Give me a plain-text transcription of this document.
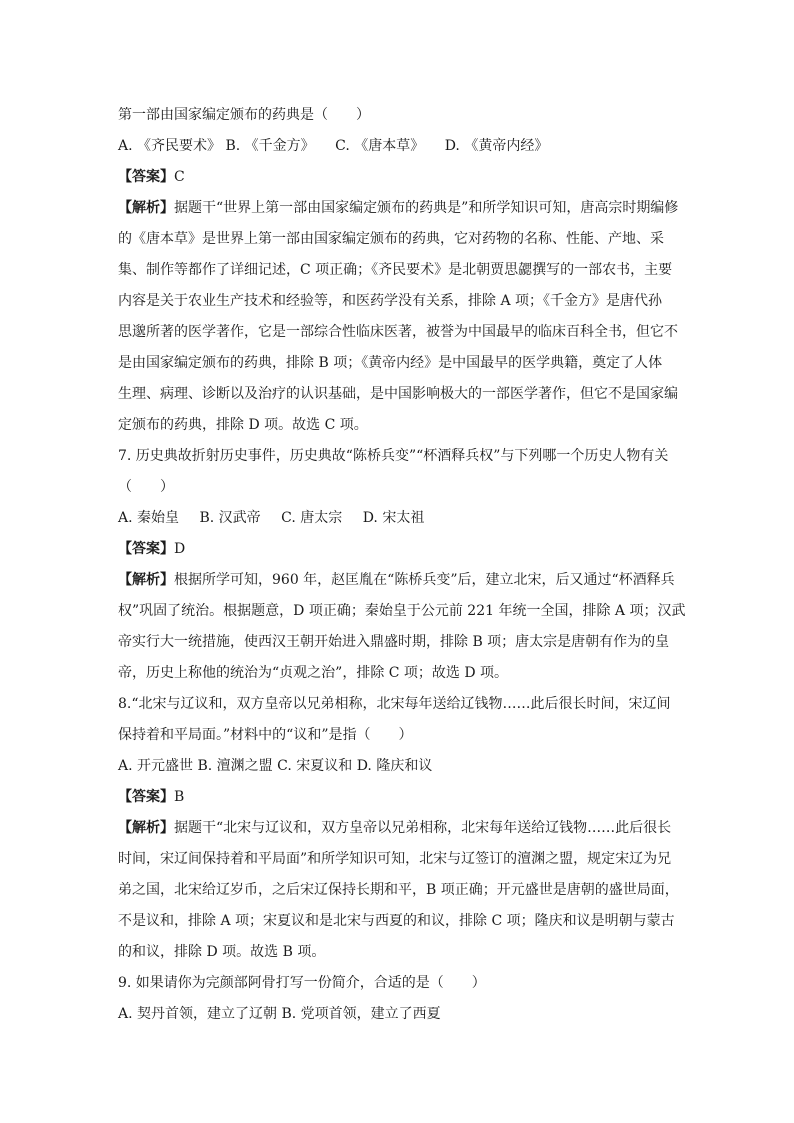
第一部由国家编定颁布的药典是（　　）
A. 《齐民要术》 B. 《千金方》 C. 《唐本草》 D. 《黄帝内经》
【答案】C
【解析】据题干“世界上第一部由国家编定颁布的药典是”和所学知识可知，唐高宗时期编修
的《唐本草》是世界上第一部由国家编定颁布的药典，它对药物的名称、性能、产地、采
集、制作等都作了详细记述，C 项正确；《齐民要术》是北朝贾思勰撰写的一部农书，主要
内容是关于农业生产技术和经验等，和医药学没有关系，排除 A 项；《千金方》是唐代孙
思邈所著的医学著作，它是一部综合性临床医著，被誉为中国最早的临床百科全书，但它不
是由国家编定颁布的药典，排除 B 项；《黄帝内经》是中国最早的医学典籍，奠定了人体
生理、病理、诊断以及治疗的认识基础，是中国影响极大的一部医学著作，但它不是国家编
定颁布的药典，排除 D 项。故选 C 项。
7. 历史典故折射历史事件，历史典故“陈桥兵变”“杯酒释兵权”与下列哪一个历史人物有关
（　　）
A. 秦始皇 B. 汉武帝 C. 唐太宗 D. 宋太祖
【答案】D
【解析】根据所学可知，960 年，赵匡胤在“陈桥兵变”后，建立北宋，后又通过“杯酒释兵
权”巩固了统治。根据题意，D 项正确；秦始皇于公元前 221 年统一全国，排除 A 项；汉武
帝实行大一统措施，使西汉王朝开始进入鼎盛时期，排除 B 项；唐太宗是唐朝有作为的皇
帝，历史上称他的统治为“贞观之治”，排除 C 项；故选 D 项。
8.“北宋与辽议和，双方皇帝以兄弟相称，北宋每年送给辽钱物……此后很长时间，宋辽间
保持着和平局面。”材料中的“议和”是指（　　）
A. 开元盛世 B. 澶渊之盟 C. 宋夏议和 D. 隆庆和议
【答案】B
【解析】据题干“北宋与辽议和，双方皇帝以兄弟相称，北宋每年送给辽钱物……此后很长
时间，宋辽间保持着和平局面”和所学知识可知，北宋与辽签订的澶渊之盟，规定宋辽为兄
弟之国，北宋给辽岁币，之后宋辽保持长期和平，B 项正确；开元盛世是唐朝的盛世局面，
不是议和，排除 A 项；宋夏议和是北宋与西夏的和议，排除 C 项；隆庆和议是明朝与蒙古
的和议，排除 D 项。故选 B 项。
9. 如果请你为完颜部阿骨打写一份简介，合适的是（　　）
A. 契丹首领，建立了辽朝 B. 党项首领，建立了西夏
